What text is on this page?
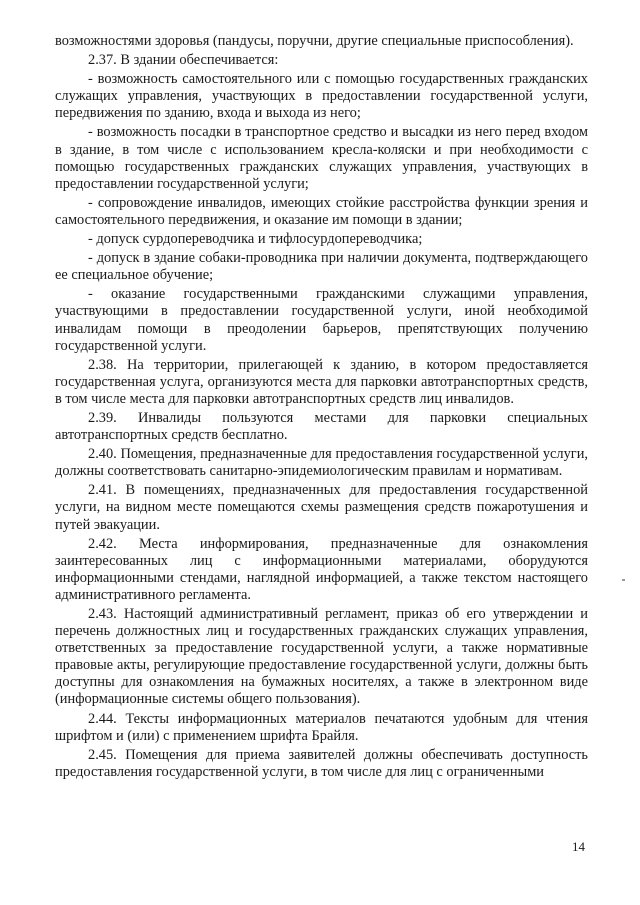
возможностями здоровья (пандусы, поручни, другие специальные приспособления).

2.37. В здании обеспечивается:

- возможность самостоятельного или с помощью государственных гражданских служащих управления, участвующих в предоставлении государственной услуги, передвижения по зданию, входа и выхода из него;

- возможность посадки в транспортное средство и высадки из него перед входом в здание, в том числе с использованием кресла-коляски и при необходимости с помощью государственных гражданских служащих управления, участвующих в предоставлении государственной услуги;

- сопровождение инвалидов, имеющих стойкие расстройства функции зрения и самостоятельного передвижения, и оказание им помощи в здании;

- допуск сурдопереводчика и тифлосурдопереводчика;

- допуск в здание собаки-проводника при наличии документа, подтверждающего ее специальное обучение;

- оказание государственными гражданскими служащими управления, участвующими в предоставлении государственной услуги, иной необходимой инвалидам помощи в преодолении барьеров, препятствующих получению государственной услуги.

2.38. На территории, прилегающей к зданию, в котором предоставляется государственная услуга, организуются места для парковки автотранспортных средств, в том числе места для парковки автотранспортных средств лиц инвалидов.

2.39. Инвалиды пользуются местами для парковки специальных автотранспортных средств бесплатно.

2.40. Помещения, предназначенные для предоставления государственной услуги, должны соответствовать санитарно-эпидемиологическим правилам и нормативам.

2.41. В помещениях, предназначенных для предоставления государственной услуги, на видном месте помещаются схемы размещения средств пожаротушения и путей эвакуации.

2.42. Места информирования, предназначенные для ознакомления заинтересованных лиц с информационными материалами, оборудуются информационными стендами, наглядной информацией, а также текстом настоящего административного регламента.

2.43. Настоящий административный регламент, приказ об его утверждении и перечень должностных лиц и государственных гражданских служащих управления, ответственных за предоставление государственной услуги, а также нормативные правовые акты, регулирующие предоставление государственной услуги, должны быть доступны для ознакомления на бумажных носителях, а также в электронном виде (информационные системы общего пользования).

2.44. Тексты информационных материалов печатаются удобным для чтения шрифтом и (или) с применением шрифта Брайля.

2.45. Помещения для приема заявителей должны обеспечивать доступность предоставления государственной услуги, в том числе для лиц с ограниченными

14
